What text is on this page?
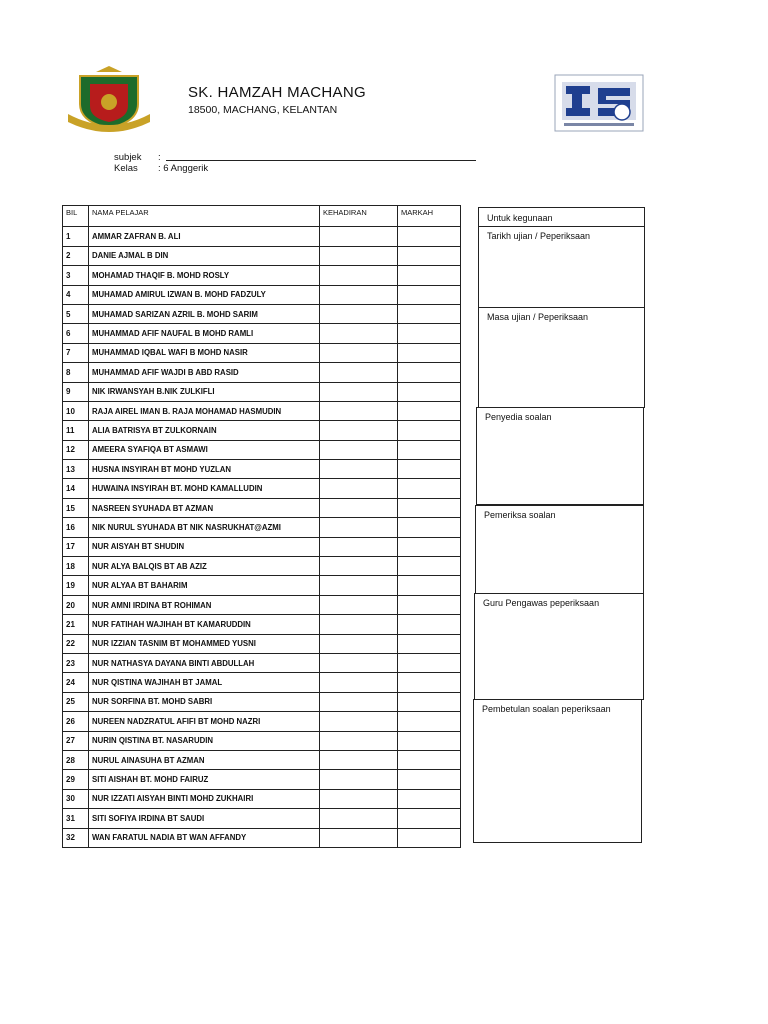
SK. HAMZAH MACHANG
18500, MACHANG, KELANTAN
subjek :
Kelas : 6 Anggerik
BIL	NAMA PELAJAR	KEHADIRAN	MARKAH
1	AMMAR ZAFRAN B. ALI		
2	DANIE AJMAL B DIN		
3	MOHAMAD THAQIF B. MOHD ROSLY		
4	MUHAMAD AMIRUL IZWAN B. MOHD FADZULY		
5	MUHAMAD SARIZAN AZRIL B. MOHD SARIM		
6	MUHAMMAD AFIF NAUFAL B MOHD RAMLI		
7	MUHAMMAD IQBAL WAFI B MOHD NASIR		
8	MUHAMMAD AFIF WAJDI B ABD RASID		
9	NIK IRWANSYAH B.NIK ZULKIFLI		
10	RAJA AIREL IMAN B. RAJA MOHAMAD HASMUDIN		
11	ALIA BATRISYA BT ZULKORNAIN		
12	AMEERA SYAFIQA BT ASMAWI		
13	HUSNA INSYIRAH BT MOHD YUZLAN		
14	HUWAINA INSYIRAH BT. MOHD KAMALLUDIN		
15	NASREEN SYUHADA BT AZMAN		
16	NIK NURUL SYUHADA BT NIK NASRUKHAT@AZMI		
17	NUR AISYAH BT SHUDIN		
18	NUR ALYA BALQIS BT AB AZIZ		
19	NUR ALYAA BT BAHARIM		
20	NUR AMNI IRDINA BT ROHIMAN		
21	NUR FATIHAH WAJIHAH BT KAMARUDDIN		
22	NUR IZZIAN TASNIM BT MOHAMMED YUSNI		
23	NUR NATHASYA DAYANA BINTI ABDULLAH		
24	NUR QISTINA WAJIHAH BT JAMAL		
25	NUR SORFINA BT. MOHD SABRI		
26	NUREEN NADZRATUL AFIFI BT MOHD NAZRI		
27	NURIN QISTINA BT. NASARUDIN		
28	NURUL AINASUHA BT AZMAN		
29	SITI AISHAH BT. MOHD FAIRUZ		
30	NUR IZZATI AISYAH BINTI MOHD ZUKHAIRI		
31	SITI SOFIYA IRDINA BT SAUDI		
32	WAN FARATUL NADIA BT WAN AFFANDY		
Untuk kegunaan
Tarikh ujian / Peperiksaan
Masa ujian / Peperiksaan
Penyedia soalan
Pemeriksa soalan
Guru Pengawas peperiksaan
Pembetulan soalan peperiksaan
